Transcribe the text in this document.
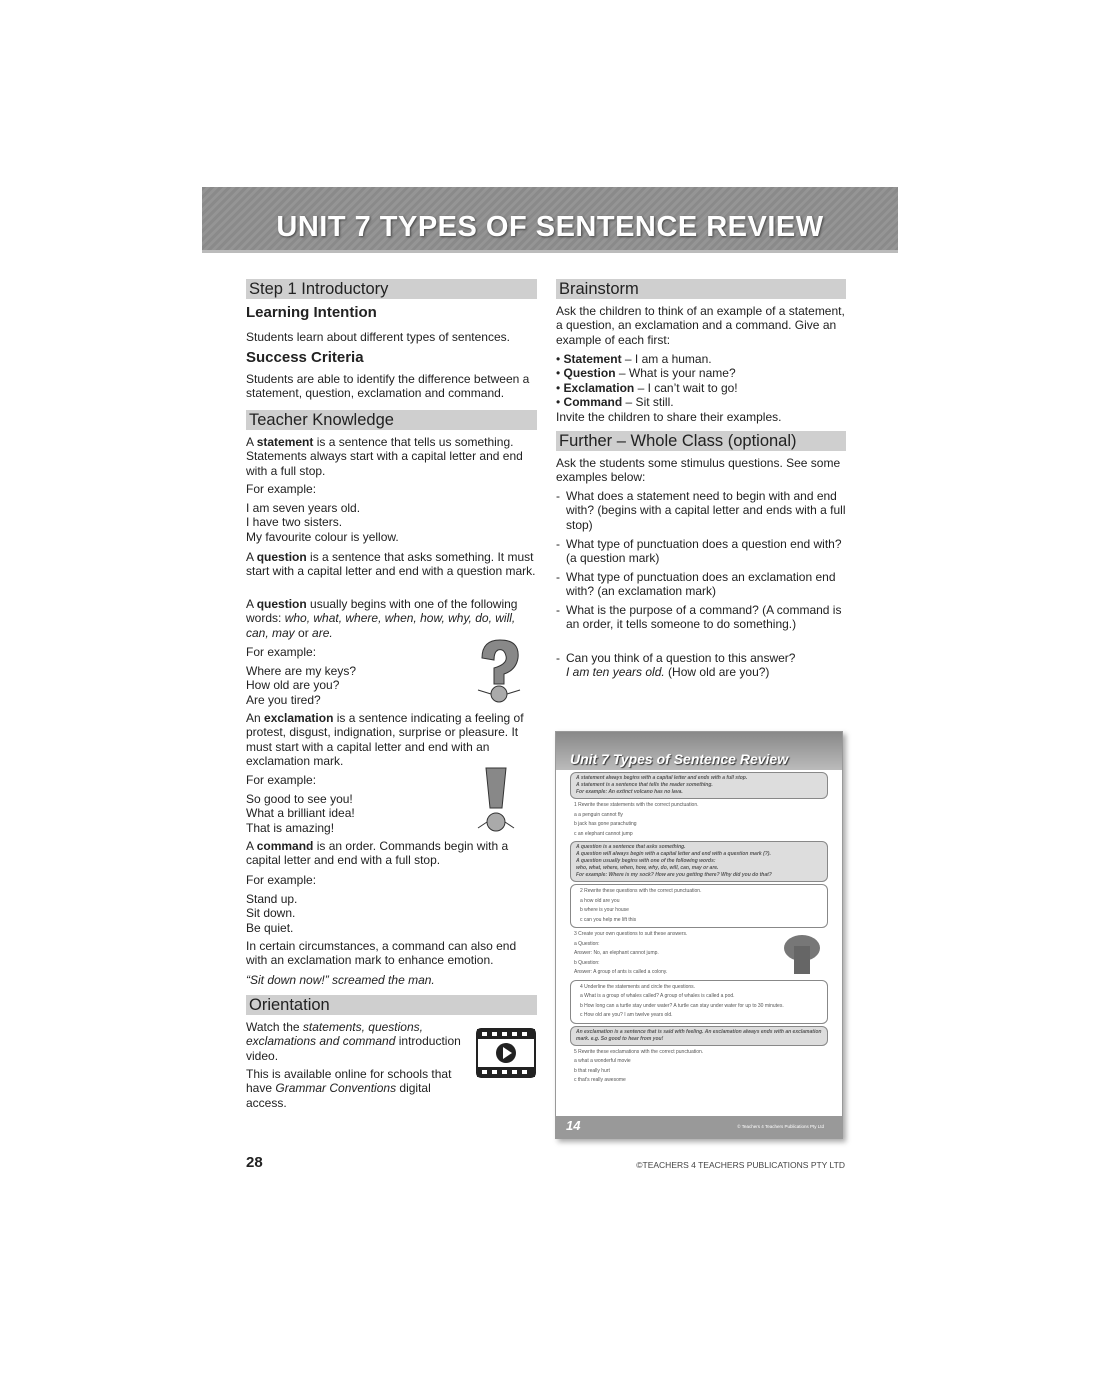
UNIT 7 TYPES OF SENTENCE REVIEW
Step 1 Introductory
Learning Intention
Students learn about different types of sentences.
Success Criteria
Students are able to identify the difference between a statement, question, exclamation and command.
Teacher Knowledge
A statement is a sentence that tells us something. Statements always start with a capital letter and end with a full stop.
For example:
I am seven years old.
I have two sisters.
My favourite colour is yellow.
A question is a sentence that asks something. It must start with a capital letter and end with a question mark.
A question usually begins with one of the following words: who, what, where, when, how, why, do, will, can, may or are.
For example:
Where are my keys?
How old are you?
Are you tired?
An exclamation is a sentence indicating a feeling of protest, disgust, indignation, surprise or pleasure. It must start with a capital letter and end with an exclamation mark.
For example:
So good to see you!
What a brilliant idea!
That is amazing!
A command is an order. Commands begin with a capital letter and end with a full stop.
For example:
Stand up.
Sit down.
Be quiet.
In certain circumstances, a command can also end with an exclamation mark to enhance emotion.
“Sit down now!” screamed the man.
Orientation
Watch the statements, questions, exclamations and command introduction video.
This is available online for schools that have Grammar Conventions digital access.
Brainstorm
Ask the children to think of an example of a statement, a question, an exclamation and a command. Give an example of each first:
• Statement – I am a human.
• Question – What is your name?
• Exclamation – I can’t wait to go!
• Command – Sit still.
Invite the children to share their examples.
Further – Whole Class (optional)
Ask the students some stimulus questions. See some examples below:
- What does a statement need to begin with and end with? (begins with a capital letter and ends with a full stop)
- What type of punctuation does a question end with? (a question mark)
- What type of punctuation does an exclamation end with? (an exclamation mark)
- What is the purpose of a command? (A command is an order, it tells someone to do something.)
- Can you think of a question to this answer?
I am ten years old. (How old are you?)
Unit 7 Types of Sentence Review
A statement always begins with a capital letter and ends with a full stop.
A statement is a sentence that tells the reader something.
For example: An extinct volcano has no lava.
1 Rewrite these statements with the correct punctuation.
a a penguin cannot fly
b jack has gone parachuting
c an elephant cannot jump
A question is a sentence that asks something.
A question will always begin with a capital letter and end with a question mark (?).
A question usually begins with one of the following words:
who, what, where, when, how, why, do, will, can, may or are.
For example: Where is my sock? How are you getting there? Why did you do that?
2 Rewrite these questions with the correct punctuation.
a how old are you
b where is your house
c can you help me lift this
3 Create your own questions to suit these answers.
a Question:
Answer: No, an elephant cannot jump.
b Question:
Answer: A group of ants is called a colony.
4 Underline the statements and circle the questions.
a What is a group of whales called? A group of whales is called a pod.
b How long can a turtle stay under water? A turtle can stay under water for up to 30 minutes.
c How old are you? I am twelve years old.
An exclamation is a sentence that is said with feeling. An exclamation always ends with an exclamation mark. e.g. So good to hear from you!
5 Rewrite these exclamations with the correct punctuation.
a what a wonderful movie
b that really hurt
c that's really awesome
14	© Teachers 4 Teachers Publications Pty Ltd
28	©TEACHERS 4 TEACHERS PUBLICATIONS PTY LTD
